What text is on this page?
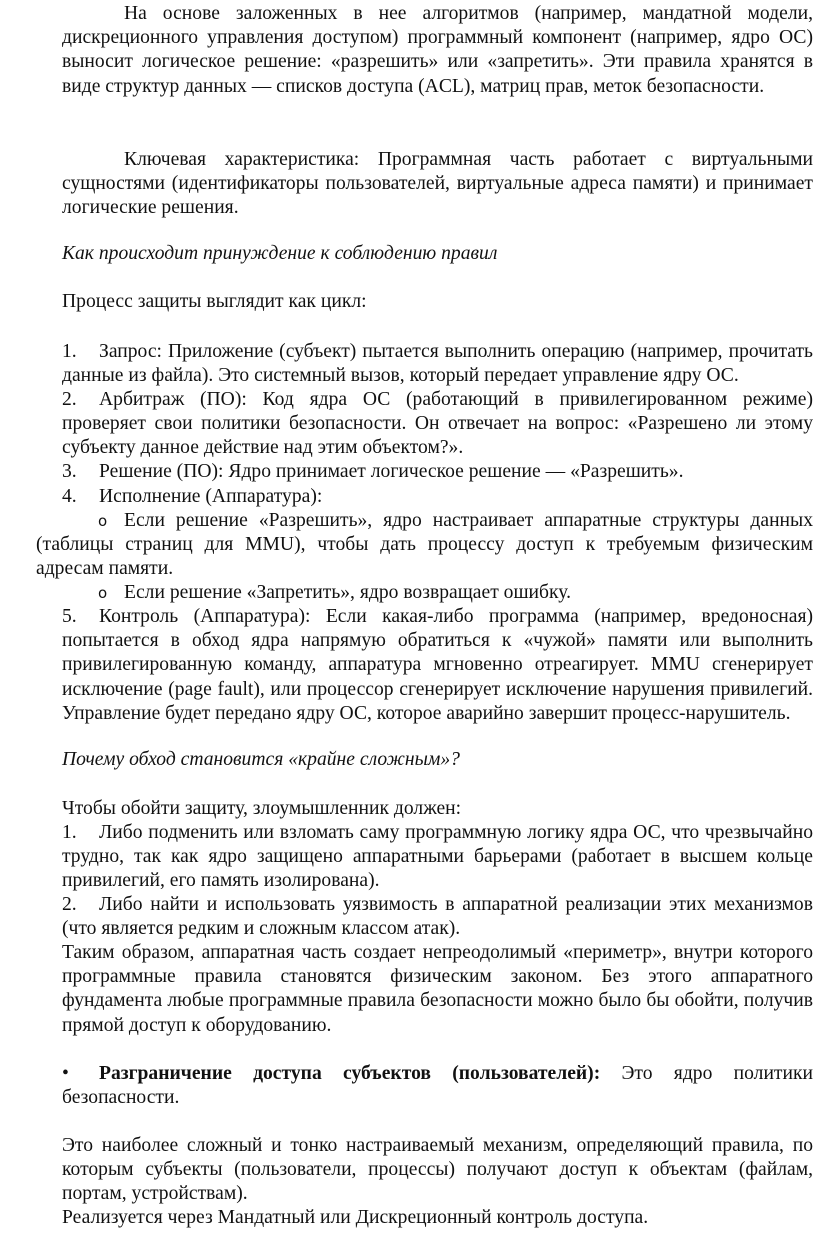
На основе заложенных в нее алгоритмов (например, мандатной модели, дискреционного управления доступом) программный компонент (например, ядро ОС) выносит логическое решение: «разрешить» или «запретить». Эти правила хранятся в виде структур данных — списков доступа (ACL), матриц прав, меток безопасности.

Ключевая характеристика: Программная часть работает с виртуальными сущностями (идентификаторы пользователей, виртуальные адреса памяти) и принимает логические решения.

Как происходит принуждение к соблюдению правил

Процесс защиты выглядит как цикл:

1. Запрос: Приложение (субъект) пытается выполнить операцию (например, прочитать данные из файла). Это системный вызов, который передает управление ядру ОС.

2. Арбитраж (ПО): Код ядра ОС (работающий в привилегированном режиме) проверяет свои политики безопасности. Он отвечает на вопрос: «Разрешено ли этому субъекту данное действие над этим объектом?».

3. Решение (ПО): Ядро принимает логическое решение — «Разрешить».

4. Исполнение (Аппаратура):

o Если решение «Разрешить», ядро настраивает аппаратные структуры данных (таблицы страниц для MMU), чтобы дать процессу доступ к требуемым физическим адресам памяти.

o Если решение «Запретить», ядро возвращает ошибку.

5. Контроль (Аппаратура): Если какая-либо программа (например, вредоносная) попытается в обход ядра напрямую обратиться к «чужой» памяти или выполнить привилегированную команду, аппаратура мгновенно отреагирует. MMU сгенерирует исключение (page fault), или процессор сгенерирует исключение нарушения привилегий. Управление будет передано ядру ОС, которое аварийно завершит процесс-нарушитель.

Почему обход становится «крайне сложным»?

Чтобы обойти защиту, злоумышленник должен:

1. Либо подменить или взломать саму программную логику ядра ОС, что чрезвычайно трудно, так как ядро защищено аппаратными барьерами (работает в высшем кольце привилегий, его память изолирована).

2. Либо найти и использовать уязвимость в аппаратной реализации этих механизмов (что является редким и сложным классом атак).

Таким образом, аппаратная часть создает непреодолимый «периметр», внутри которого программные правила становятся физическим законом. Без этого аппаратного фундамента любые программные правила безопасности можно было бы обойти, получив прямой доступ к оборудованию.

• Разграничение доступа субъектов (пользователей): Это ядро политики безопасности.

Это наиболее сложный и тонко настраиваемый механизм, определяющий правила, по которым субъекты (пользователи, процессы) получают доступ к объектам (файлам, портам, устройствам).

Реализуется через Мандатный или Дискреционный контроль доступа.
